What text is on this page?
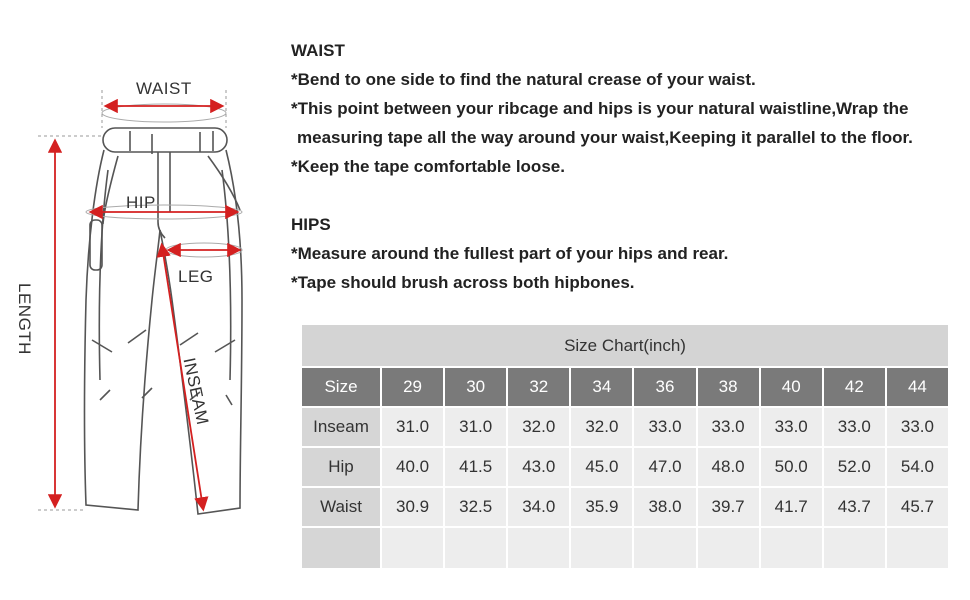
WAIST
HIP
LEG
LENGTH
INSEAM
WAIST
*Bend to one side to find the natural crease of your waist.
*This point between your ribcage and hips is your natural waistline,Wrap the
measuring tape all the way around your waist,Keeping it parallel to the floor.
*Keep the tape comfortable loose.
HIPS
*Measure around the fullest part of your hips and rear.
*Tape should brush across both hipbones.
Size Chart(inch)									
Size	29	30	32	34	36	38	40	42	44
Inseam	31.0	31.0	32.0	32.0	33.0	33.0	33.0	33.0	33.0
Hip	40.0	41.5	43.0	45.0	47.0	48.0	50.0	52.0	54.0
Waist	30.9	32.5	34.0	35.9	38.0	39.7	41.7	43.7	45.7
